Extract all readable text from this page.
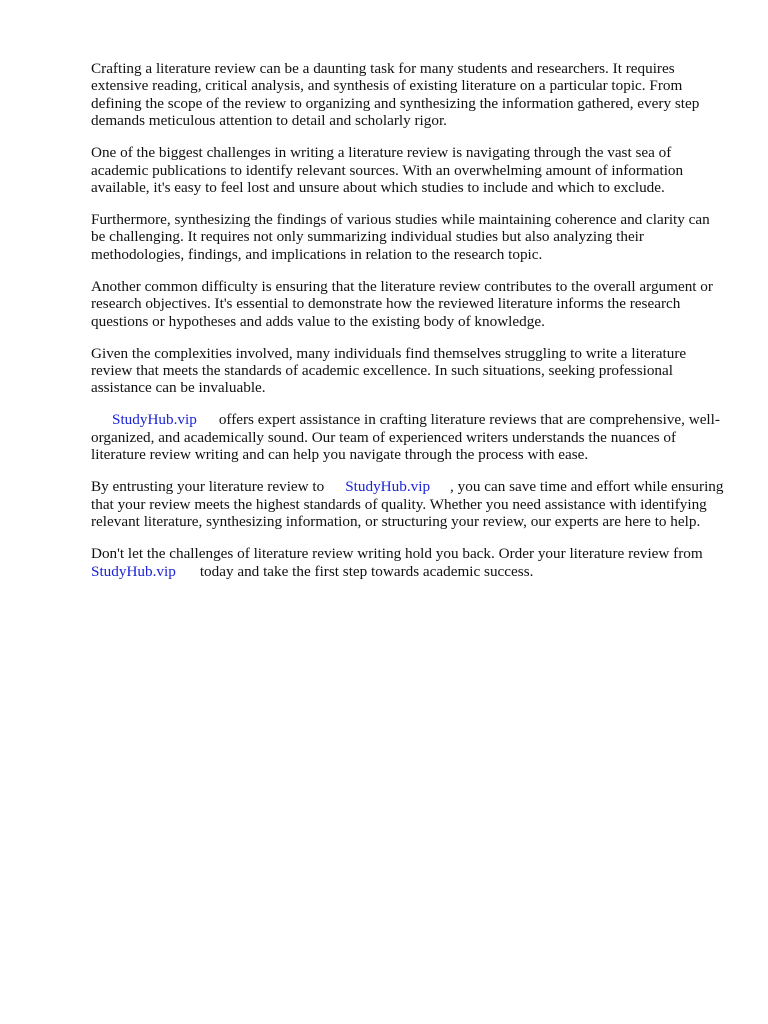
Crafting a literature review can be a daunting task for many students and researchers. It requires extensive reading, critical analysis, and synthesis of existing literature on a particular topic. From defining the scope of the review to organizing and synthesizing the information gathered, every step demands meticulous attention to detail and scholarly rigor.

One of the biggest challenges in writing a literature review is navigating through the vast sea of academic publications to identify relevant sources. With an overwhelming amount of information available, it's easy to feel lost and unsure about which studies to include and which to exclude.

Furthermore, synthesizing the findings of various studies while maintaining coherence and clarity can be challenging. It requires not only summarizing individual studies but also analyzing their methodologies, findings, and implications in relation to the research topic.

Another common difficulty is ensuring that the literature review contributes to the overall argument or research objectives. It's essential to demonstrate how the reviewed literature informs the research questions or hypotheses and adds value to the existing body of knowledge.

Given the complexities involved, many individuals find themselves struggling to write a literature review that meets the standards of academic excellence. In such situations, seeking professional assistance can be invaluable.

StudyHub.vip offers expert assistance in crafting literature reviews that are comprehensive, well-organized, and academically sound. Our team of experienced writers understands the nuances of literature review writing and can help you navigate through the process with ease.

By entrusting your literature review to StudyHub.vip , you can save time and effort while ensuring that your review meets the highest standards of quality. Whether you need assistance with identifying relevant literature, synthesizing information, or structuring your review, our experts are here to help.

Don't let the challenges of literature review writing hold you back. Order your literature review from StudyHub.vip today and take the first step towards academic success.
